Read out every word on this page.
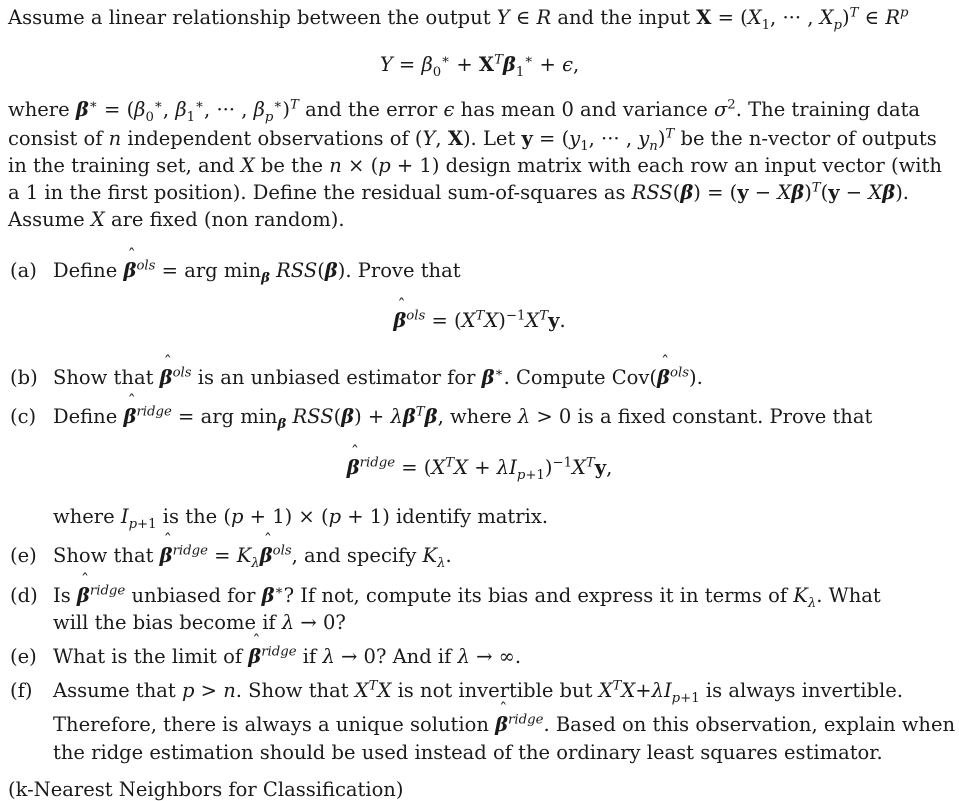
Assume a linear relationship between the output Y ∈ R and the input $X = (X_1$, ··· , $X_p)^T$ ∈ $R^p$
$Y = \beta_0^∗ + X^T\beta_1^∗ + \epsilon$,
where $\beta^∗ = (\beta_0^∗$, $\beta_1^∗$, ··· , $\beta_p^∗)^T$ and the error ϵ has mean 0 and variance $\sigma^2$. The training data
consist of n independent observations of (Y, X). Let $y = (y_1$, ··· , $y_n)^T$ be the n-vector of outputs
in the training set, and X be the n × (p + 1) design matrix with each row an input vector (with
a 1 in the first position). Define the residual sum-of-squares as $RSS(\beta) = (y - X\beta)^T(y - X\beta)$.
Assume X are fixed (non random).
(a) Define ˆ $\beta^{ols}$ = arg $\min_\beta RSS(\beta)$. Prove that
ˆ $\beta^{ols} = (X^TX)^{-1}X^Ty$.
(b) Show that ˆ $\beta^{ols}$ is an unbiased estimator for β∗. Compute Cov(ˆ $\beta^{ols}$).
(c) Define ˆ $\beta^{ridge}$ = arg $\min_\beta RSS(\beta) + \lambda\beta^T\beta$, where λ > 0 is a fixed constant. Prove that
ˆ $\beta^{ridge} = (X^TX + \lambda I_{p+1})^{-1}X^Ty$,
where $I_{p+1}$ is the (p + 1) × (p + 1) identify matrix.
(e) Show that ˆ $\beta^{ridge}$ = $K_\lambda ˆ$ $\beta^{ols}$, and specify $K_\lambda$.
(d) Is ˆ $\beta^{ridge}$ unbiased for β∗? If not, compute its bias and express it in terms of $K_\lambda$. What
will the bias become if λ → 0?
(e) What is the limit of ˆ $\beta^{ridge}$ if λ → 0? And if λ → ∞.
(f) Assume that p > n. Show that $X^TX$ is not invertible but $X^TX+\lambda I_{p+1}$ is always invertible.
Therefore, there is always a unique solution ˆ $\beta^{ridge}$. Based on this observation, explain when
the ridge estimation should be used instead of the ordinary least squares estimator.
(k-Nearest Neighbors for Classification)
